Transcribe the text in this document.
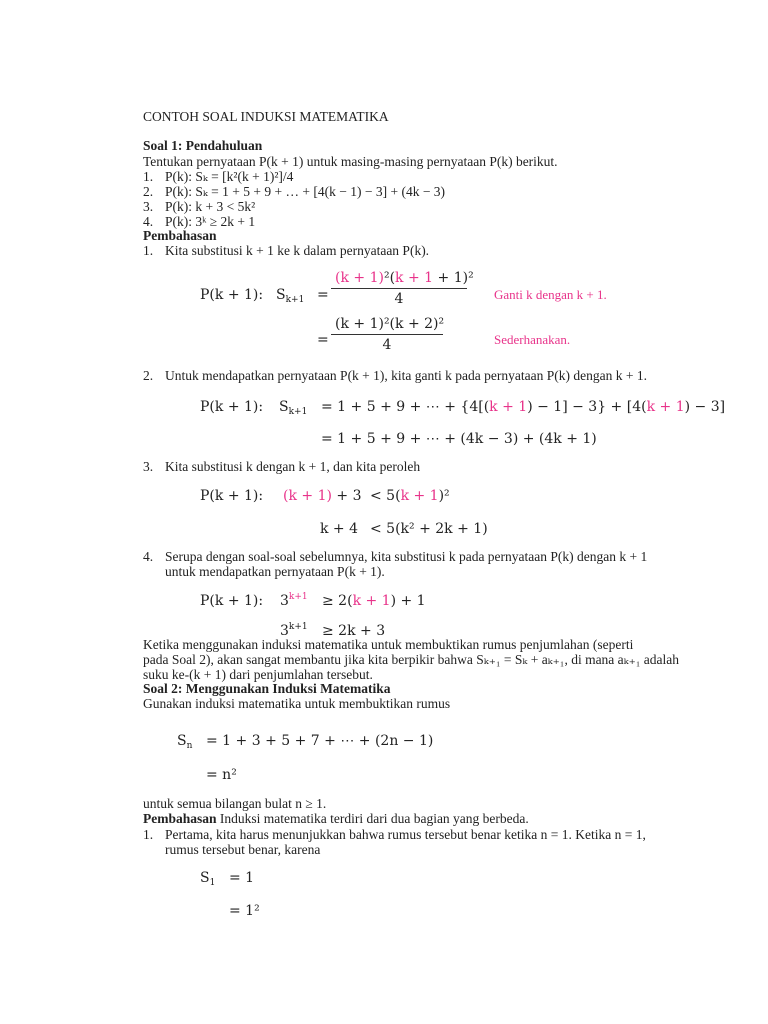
CONTOH SOAL INDUKSI MATEMATIKA
Soal 1: Pendahuluan
Tentukan pernyataan P(k + 1) untuk masing-masing pernyataan P(k) berikut.
1. P(k): Sₖ = [k²(k + 1)²]/4
2. P(k): Sₖ = 1 + 5 + 9 + … + [4(k − 1) − 3] + (4k − 3)
3. P(k): k + 3 < 5k²
4. P(k): 3ᵏ ≥ 2k + 1
Pembahasan
1. Kita substitusi k + 1 ke k dalam pernyataan P(k).
P(k + 1): $S_{k+1} = \frac{\text{(k + 1)²(k + 1 + 1)²}}{4}$ Ganti k dengan k + 1.
= $\frac{\text{(k + 1)²(k + 2)²}}{4}$	Sederhanakan.
2. Untuk mendapatkan pernyataan P(k + 1), kita ganti k pada pernyataan P(k) dengan k + 1.
P(k + 1): $S_{k+1} = 1 + 5 + 9$ + ⋯ + {4[(k + 1) − 1] − 3} + [4(k + 1) − 3]
= 1 + 5 + 9 + ⋯ + (4k − 3) + (4k + 1)
3. Kita substitusi k dengan k + 1, dan kita peroleh
P(k + 1): (k + 1) + 3 < 5(k + 1)²
k + 4 < 5(k² + 2k + 1)
4. Serupa dengan soal-soal sebelumnya, kita substitusi k pada pernyataan P(k) dengan k + 1
untuk mendapatkan pernyataan P(k + 1).
P(k + 1): $3^{k+1} \ge 2(k + 1) + 1$
$3^{k+1} \ge 2k + 3$
Ketika menggunakan induksi matematika untuk membuktikan rumus penjumlahan (seperti
pada Soal 2), akan sangat membantu jika kita berpikir bahwa Sₖ₊₁ = Sₖ + aₖ₊₁, di mana aₖ₊₁ adalah
suku ke-(k + 1) dari penjumlahan tersebut.
Soal 2: Menggunakan Induksi Matematika
Gunakan induksi matematika untuk membuktikan rumus
$S_n = 1 + 3 + 5 + 7$ + ⋯ + (2n − 1)
= n²
untuk semua bilangan bulat n ≥ 1.
Pembahasan Induksi matematika terdiri dari dua bagian yang berbeda.
1. Pertama, kita harus menunjukkan bahwa rumus tersebut benar ketika n = 1. Ketika n = 1,
rumus tersebut benar, karena
$S_1 = 1$
= 1²
